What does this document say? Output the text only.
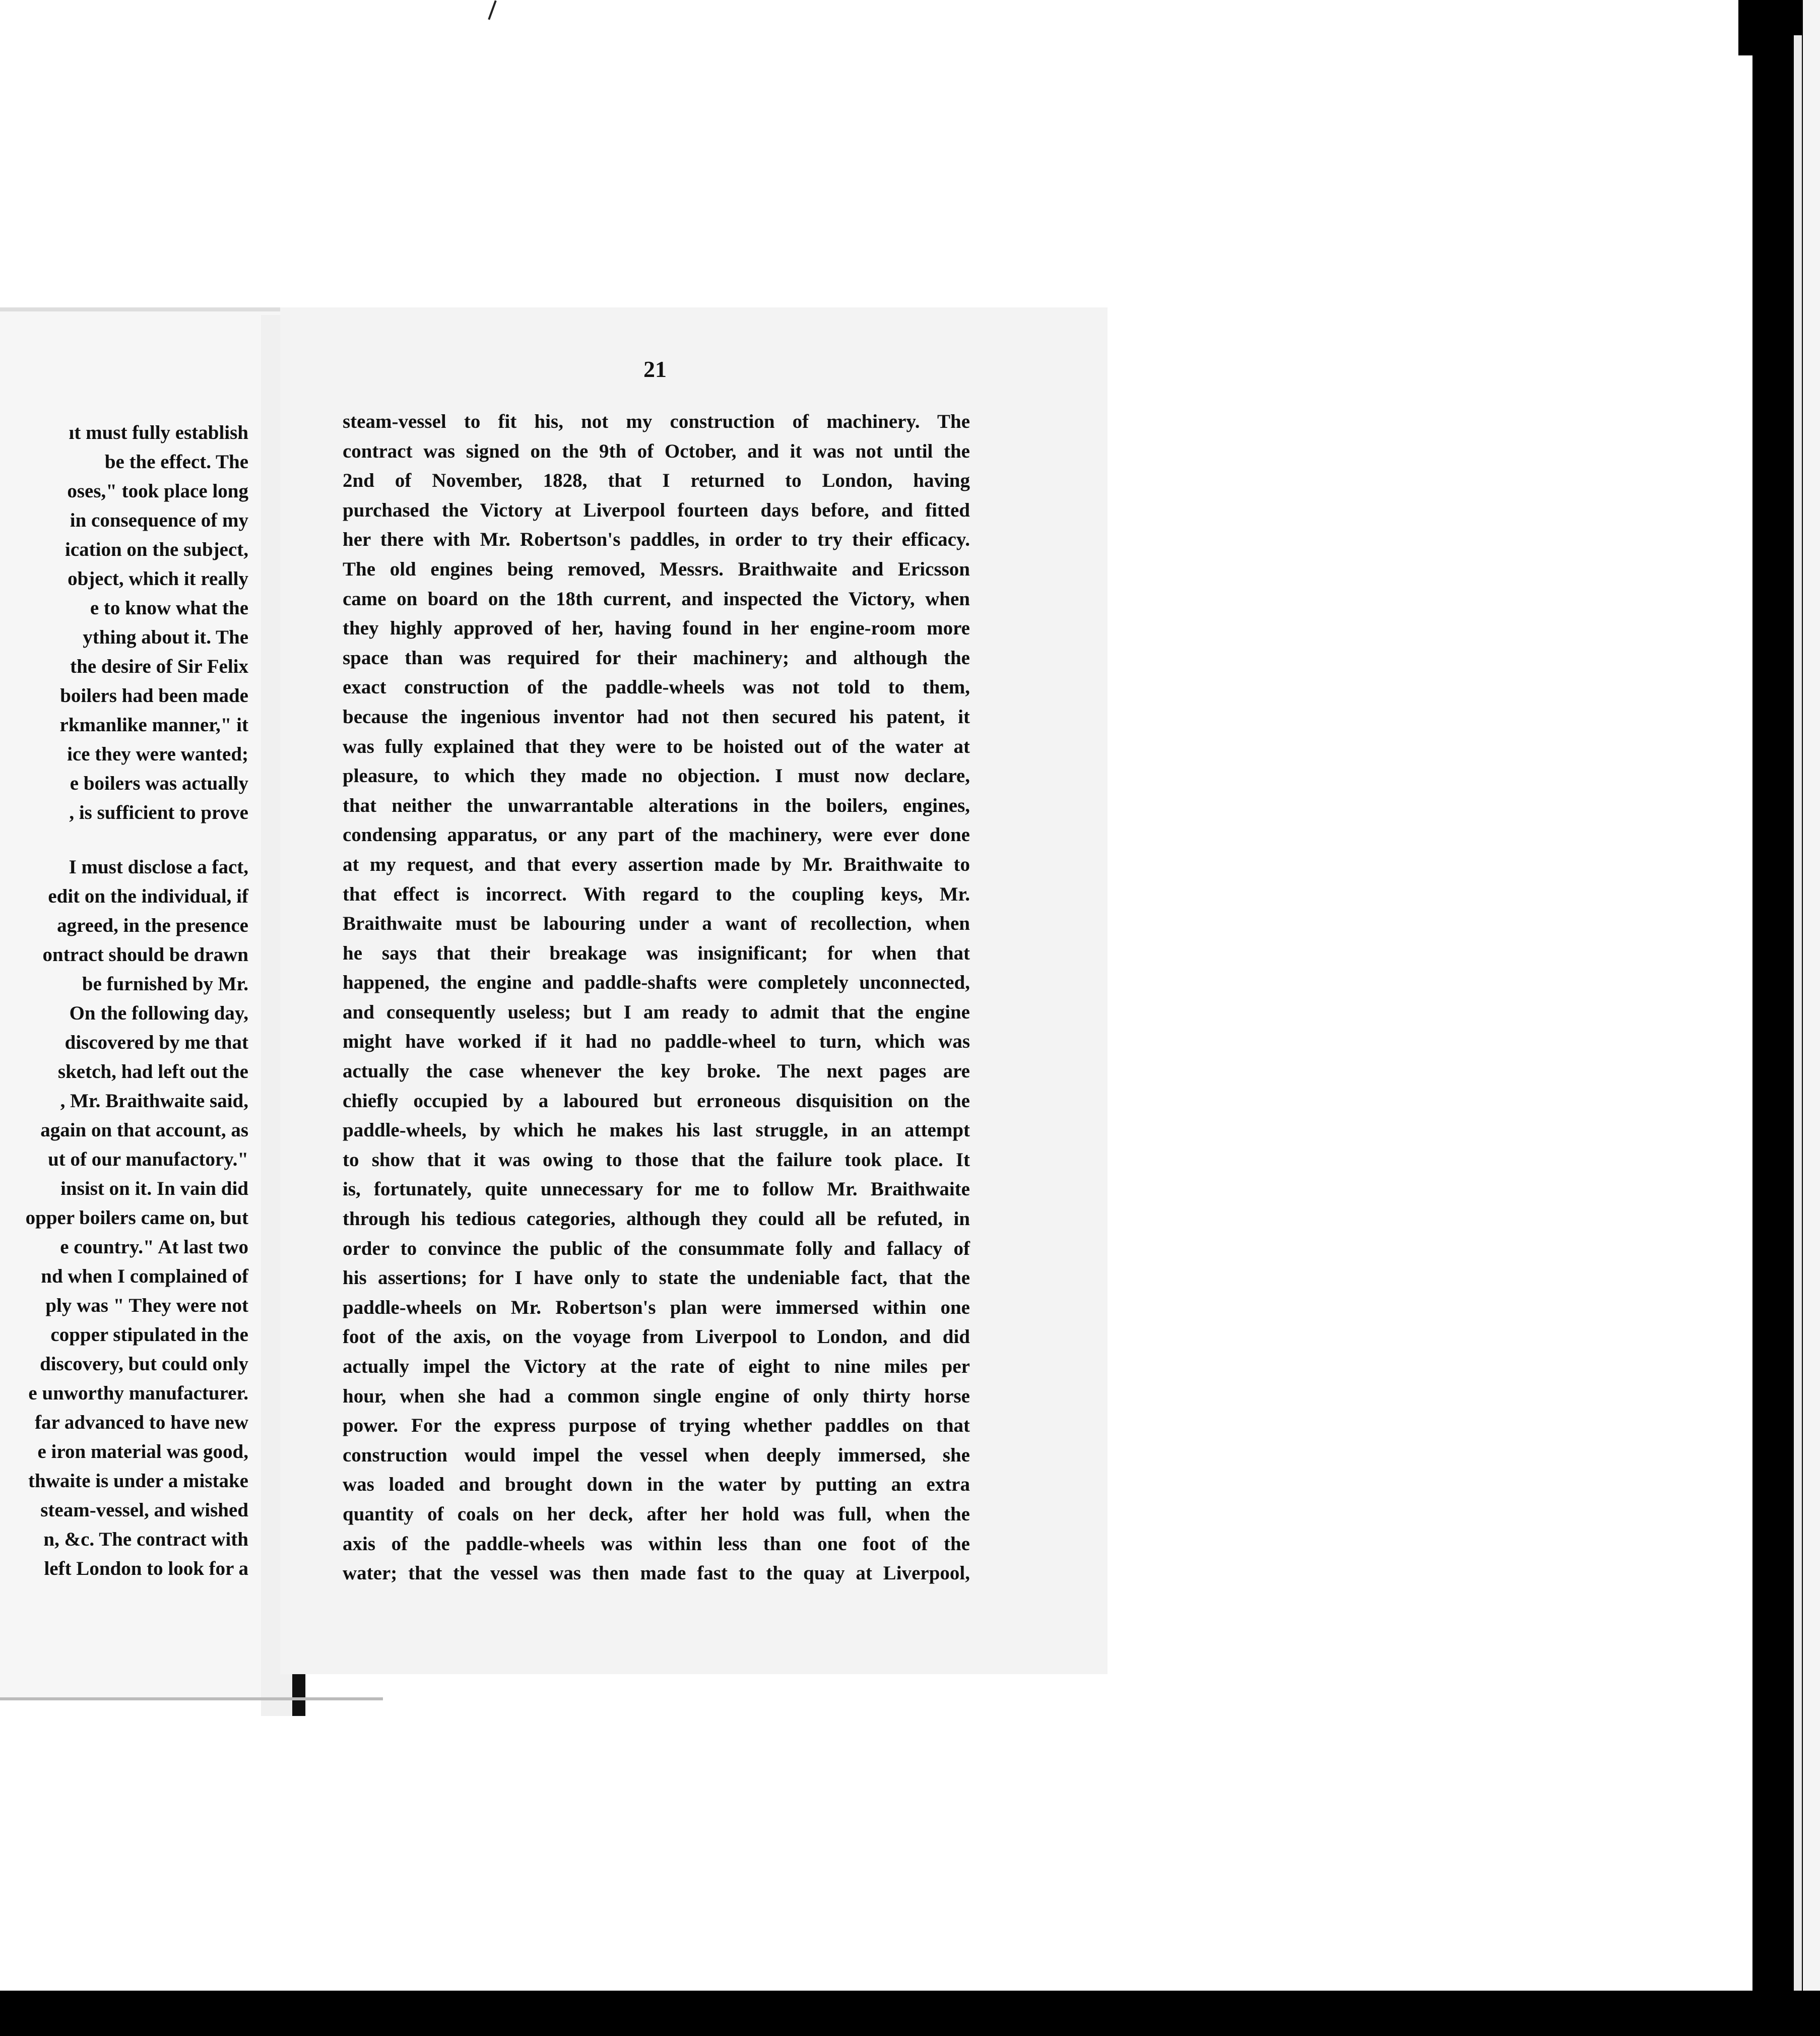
ıt must fully establish
be the effect. The
oses," took place long
in consequence of my
ication on the subject,
object, which it really
e to know what the
ything about it. The
the desire of Sir Felix
boilers had been made
rkmanlike manner," it
ice they were wanted;
e boilers was actually
, is sufficient to prove
I must disclose a fact,
edit on the individual, if
agreed, in the presence
ontract should be drawn
be furnished by Mr.
On the following day,
discovered by me that
sketch, had left out the
, Mr. Braithwaite said,
again on that account, as
ut of our manufactory."
insist on it. In vain did
opper boilers came on, but
e country." At last two
nd when I complained of
ply was " They were not
copper stipulated in the
discovery, but could only
e unworthy manufacturer.
far advanced to have new
e iron material was good,
thwaite is under a mistake
steam-vessel, and wished
n, &c. The contract with
left London to look for a
21
steam-vessel to fit his, not my construction of machinery. The
contract was signed on the 9th of October, and it was not until the
2nd of November, 1828, that I returned to London, having
purchased the Victory at Liverpool fourteen days before, and fitted
her there with Mr. Robertson's paddles, in order to try their efficacy.
The old engines being removed, Messrs. Braithwaite and Ericsson
came on board on the 18th current, and inspected the Victory, when
they highly approved of her, having found in her engine-room more
space than was required for their machinery; and although the
exact construction of the paddle-wheels was not told to them,
because the ingenious inventor had not then secured his patent, it
was fully explained that they were to be hoisted out of the water at
pleasure, to which they made no objection. I must now declare,
that neither the unwarrantable alterations in the boilers, engines,
condensing apparatus, or any part of the machinery, were ever done
at my request, and that every assertion made by Mr. Braithwaite to
that effect is incorrect. With regard to the coupling keys, Mr.
Braithwaite must be labouring under a want of recollection, when
he says that their breakage was insignificant; for when that
happened, the engine and paddle-shafts were completely unconnected,
and consequently useless; but I am ready to admit that the engine
might have worked if it had no paddle-wheel to turn, which was
actually the case whenever the key broke. The next pages are
chiefly occupied by a laboured but erroneous disquisition on the
paddle-wheels, by which he makes his last struggle, in an attempt
to show that it was owing to those that the failure took place. It
is, fortunately, quite unnecessary for me to follow Mr. Braithwaite
through his tedious categories, although they could all be refuted, in
order to convince the public of the consummate folly and fallacy of
his assertions; for I have only to state the undeniable fact, that the
paddle-wheels on Mr. Robertson's plan were immersed within one
foot of the axis, on the voyage from Liverpool to London, and did
actually impel the Victory at the rate of eight to nine miles per
hour, when she had a common single engine of only thirty horse
power. For the express purpose of trying whether paddles on that
construction would impel the vessel when deeply immersed, she
was loaded and brought down in the water by putting an extra
quantity of coals on her deck, after her hold was full, when the
axis of the paddle-wheels was within less than one foot of the
water; that the vessel was then made fast to the quay at Liverpool,
